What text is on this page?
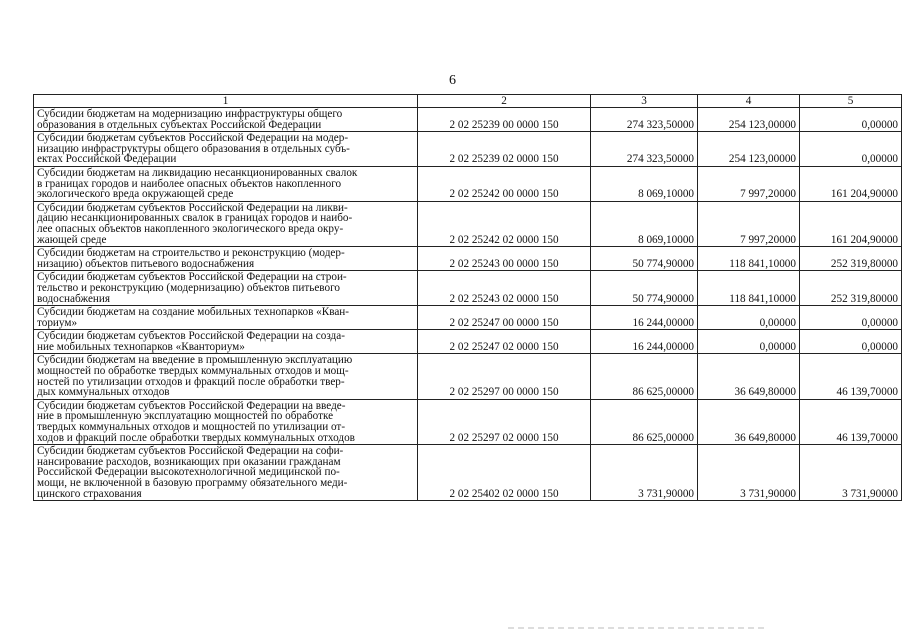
6
1	2	3	4	5

Субсидии бюджетам на модернизацию инфраструктуры общего
образования в отдельных субъектах Российской Федерации	2 02 25239 00 0000 150	274 323,50000	254 123,00000	0,00000

Субсидии бюджетам субъектов Российской Федерации на модер-
низацию инфраструктуры общего образования в отдельных субъ-
ектах Российской Федерации	2 02 25239 02 0000 150	274 323,50000	254 123,00000	0,00000

Субсидии бюджетам на ликвидацию несанкционированных свалок
в границах городов и наиболее опасных объектов накопленного
экологического вреда окружающей среде	2 02 25242 00 0000 150	8 069,10000	7 997,20000	161 204,90000

Субсидии бюджетам субъектов Российской Федерации на ликви-
дацию несанкционированных свалок в границах городов и наибо-
лее опасных объектов накопленного экологического вреда окру-
жающей среде	2 02 25242 02 0000 150	8 069,10000	7 997,20000	161 204,90000

Субсидии бюджетам на строительство и реконструкцию (модер-
низацию) объектов питьевого водоснабжения	2 02 25243 00 0000 150	50 774,90000	118 841,10000	252 319,80000

Субсидии бюджетам субъектов Российской Федерации на строи-
тельство и реконструкцию (модернизацию) объектов питьевого
водоснабжения	2 02 25243 02 0000 150	50 774,90000	118 841,10000	252 319,80000

Субсидии бюджетам на создание мобильных технопарков «Кван-
ториум»	2 02 25247 00 0000 150	16 244,00000	0,00000	0,00000

Субсидии бюджетам субъектов Российской Федерации на созда-
ние мобильных технопарков «Кванториум»	2 02 25247 02 0000 150	16 244,00000	0,00000	0,00000

Субсидии бюджетам на введение в промышленную эксплуатацию
мощностей по обработке твердых коммунальных отходов и мощ-
ностей по утилизации отходов и фракций после обработки твер-
дых коммунальных отходов	2 02 25297 00 0000 150	86 625,00000	36 649,80000	46 139,70000

Субсидии бюджетам субъектов Российской Федерации на введе-
ние в промышленную эксплуатацию мощностей по обработке
твердых коммунальных отходов и мощностей по утилизации от-
ходов и фракций после обработки твердых коммунальных отходов	2 02 25297 02 0000 150	86 625,00000	36 649,80000	46 139,70000

Субсидии бюджетам субъектов Российской Федерации на софи-
нансирование расходов, возникающих при оказании гражданам
Российской Федерации высокотехнологичной медицинской по-
мощи, не включенной в базовую программу обязательного меди-
цинского страхования	2 02 25402 02 0000 150	3 731,90000	3 731,90000	3 731,90000
